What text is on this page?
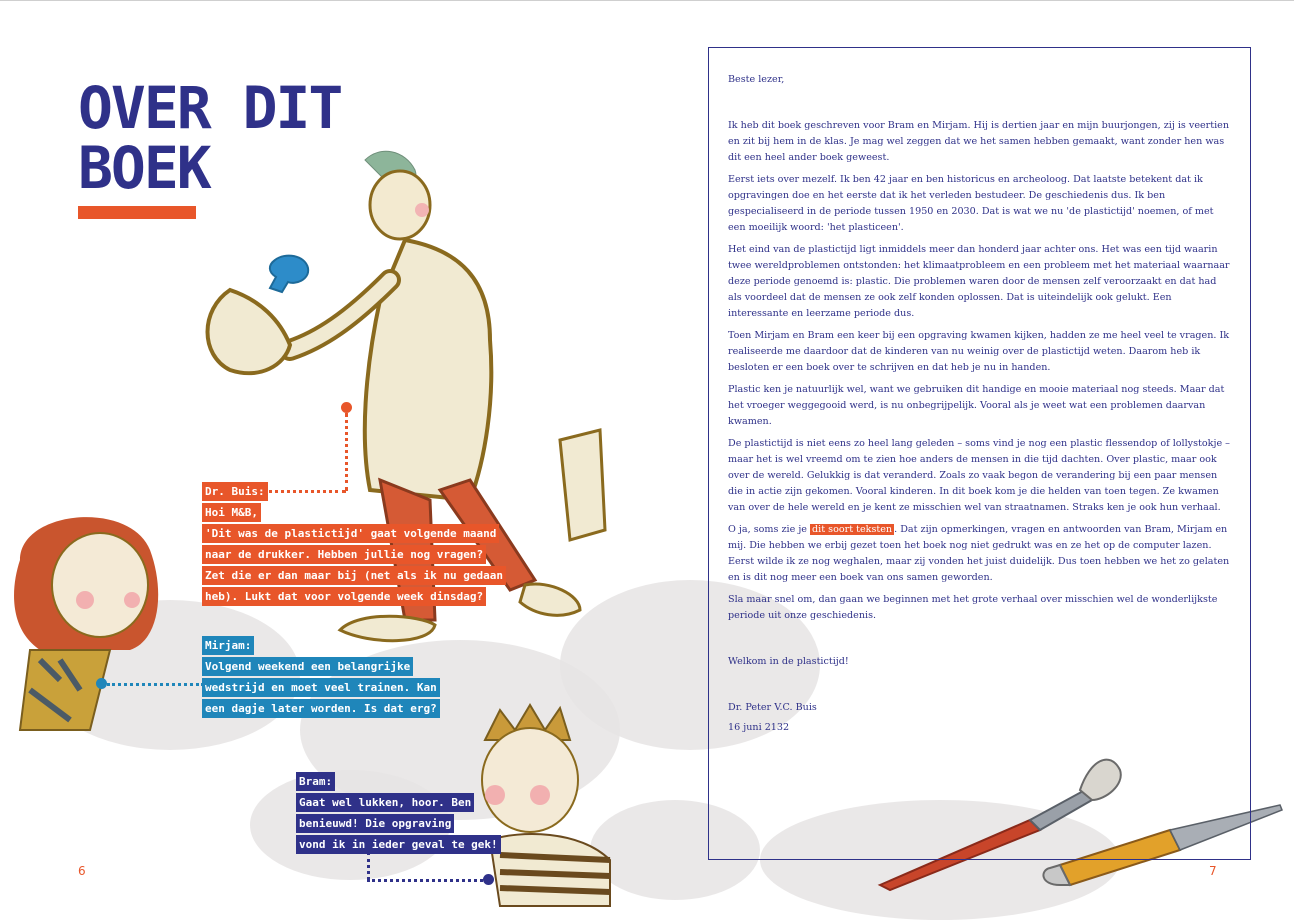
OVER DIT
BOEK
Dr. Buis:
Hoi M&B,
'Dit was de plastictijd' gaat volgende maand
naar de drukker. Hebben jullie nog vragen?
Zet die er dan maar bij (net als ik nu gedaan
heb). Lukt dat voor volgende week dinsdag?
Mirjam:
Volgend weekend een belangrijke
wedstrijd en moet veel trainen. Kan
een dagje later worden. Is dat erg?
Bram:
Gaat wel lukken, hoor. Ben
benieuwd! Die opgraving
vond ik in ieder geval te gek!

Beste lezer,

Ik heb dit boek geschreven voor Bram en Mirjam. Hij is dertien jaar en mijn buurjongen, zij is veertien en zit bij hem in de klas. Je mag wel zeggen dat we het samen hebben gemaakt, want zonder hen was dit een heel ander boek geweest.

Eerst iets over mezelf. Ik ben 42 jaar en ben historicus en archeoloog. Dat laatste betekent dat ik opgravingen doe en het eerste dat ik het verleden bestudeer. De geschiedenis dus. Ik ben gespecialiseerd in de periode tussen 1950 en 2030. Dat is wat we nu 'de plastictijd' noemen, of met een moeilijk woord: 'het plasticeen'.

Het eind van de plastictijd ligt inmiddels meer dan honderd jaar achter ons. Het was een tijd waarin twee wereldproblemen ontstonden: het klimaatprobleem en een probleem met het materiaal waarnaar deze periode genoemd is: plastic. Die problemen waren door de mensen zelf veroorzaakt en dat had als voordeel dat de mensen ze ook zelf konden oplossen. Dat is uiteindelijk ook gelukt. Een interessante en leerzame periode dus.

Toen Mirjam en Bram een keer bij een opgraving kwamen kijken, hadden ze me heel veel te vragen. Ik realiseerde me daardoor dat de kinderen van nu weinig over de plastictijd weten. Daarom heb ik besloten er een boek over te schrijven en dat heb je nu in handen.

Plastic ken je natuurlijk wel, want we gebruiken dit handige en mooie materiaal nog steeds. Maar dat het vroeger weggegooid werd, is nu onbegrijpelijk. Vooral als je weet wat een problemen daarvan kwamen.

De plastictijd is niet eens zo heel lang geleden – soms vind je nog een plastic flessendop of lollystokje – maar het is wel vreemd om te zien hoe anders de mensen in die tijd dachten. Over plastic, maar ook over de wereld. Gelukkig is dat veranderd. Zoals zo vaak begon de verandering bij een paar mensen die in actie zijn gekomen. Vooral kinderen. In dit boek kom je die helden van toen tegen. Ze kwamen van over de hele wereld en je kent ze misschien wel van straatnamen. Straks ken je ook hun verhaal.

O ja, soms zie je dit soort teksten . Dat zijn opmerkingen, vragen en antwoorden van Bram, Mirjam en mij. Die hebben we erbij gezet toen het boek nog niet gedrukt was en ze het op de computer lazen. Eerst wilde ik ze nog weghalen, maar zij vonden het juist duidelijk. Dus toen hebben we het zo gelaten en is dit nog meer een boek van ons samen geworden.

Sla maar snel om, dan gaan we beginnen met het grote verhaal over misschien wel de wonderlijkste periode uit onze geschiedenis.

Welkom in de plastictijd!

Dr. Peter V.C. Buis

16 juni 2132

6	7
